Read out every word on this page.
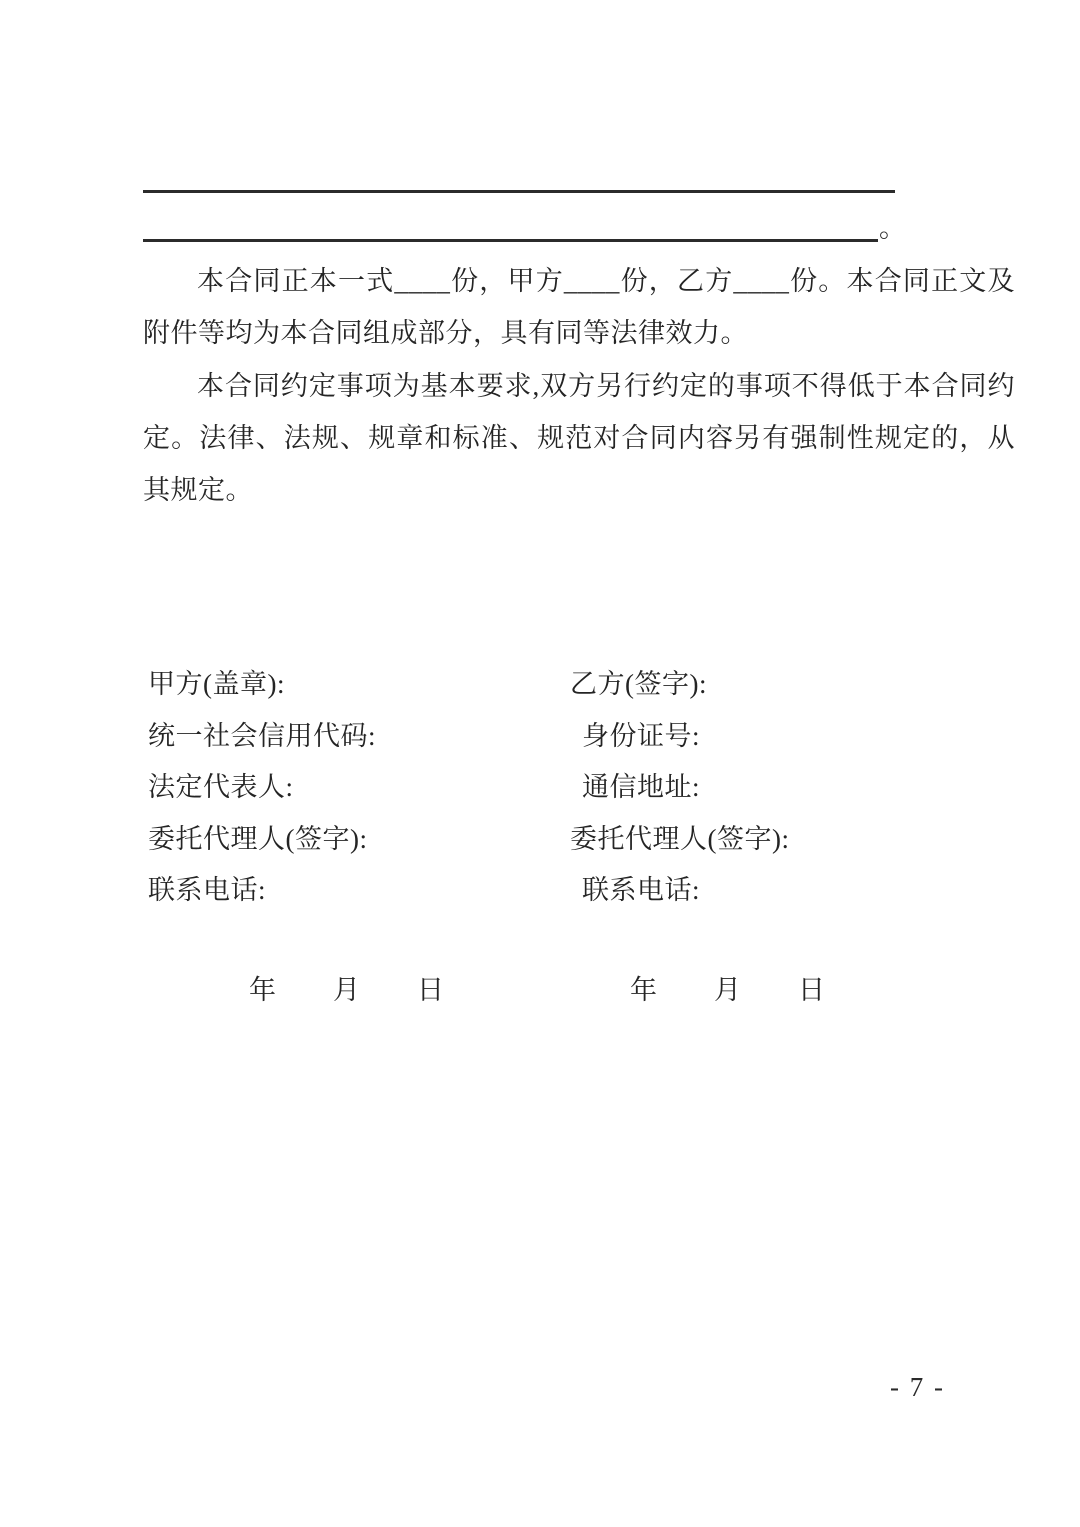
。

本合同正本一式____份，甲方____份，乙方____份。本合同正文及附件等均为本合同组成部分，具有同等法律效力。

本合同约定事项为基本要求,双方另行约定的事项不得低于本合同约定。法律、法规、规章和标准、规范对合同内容另有强制性规定的，从其规定。

甲方(盖章):	乙方(签字):
统一社会信用代码:	身份证号:
法定代表人:	通信地址:
委托代理人(签字):	委托代理人(签字):
联系电话:	联系电话:
年　　月　　日	年　　月　　日
- 7 -
